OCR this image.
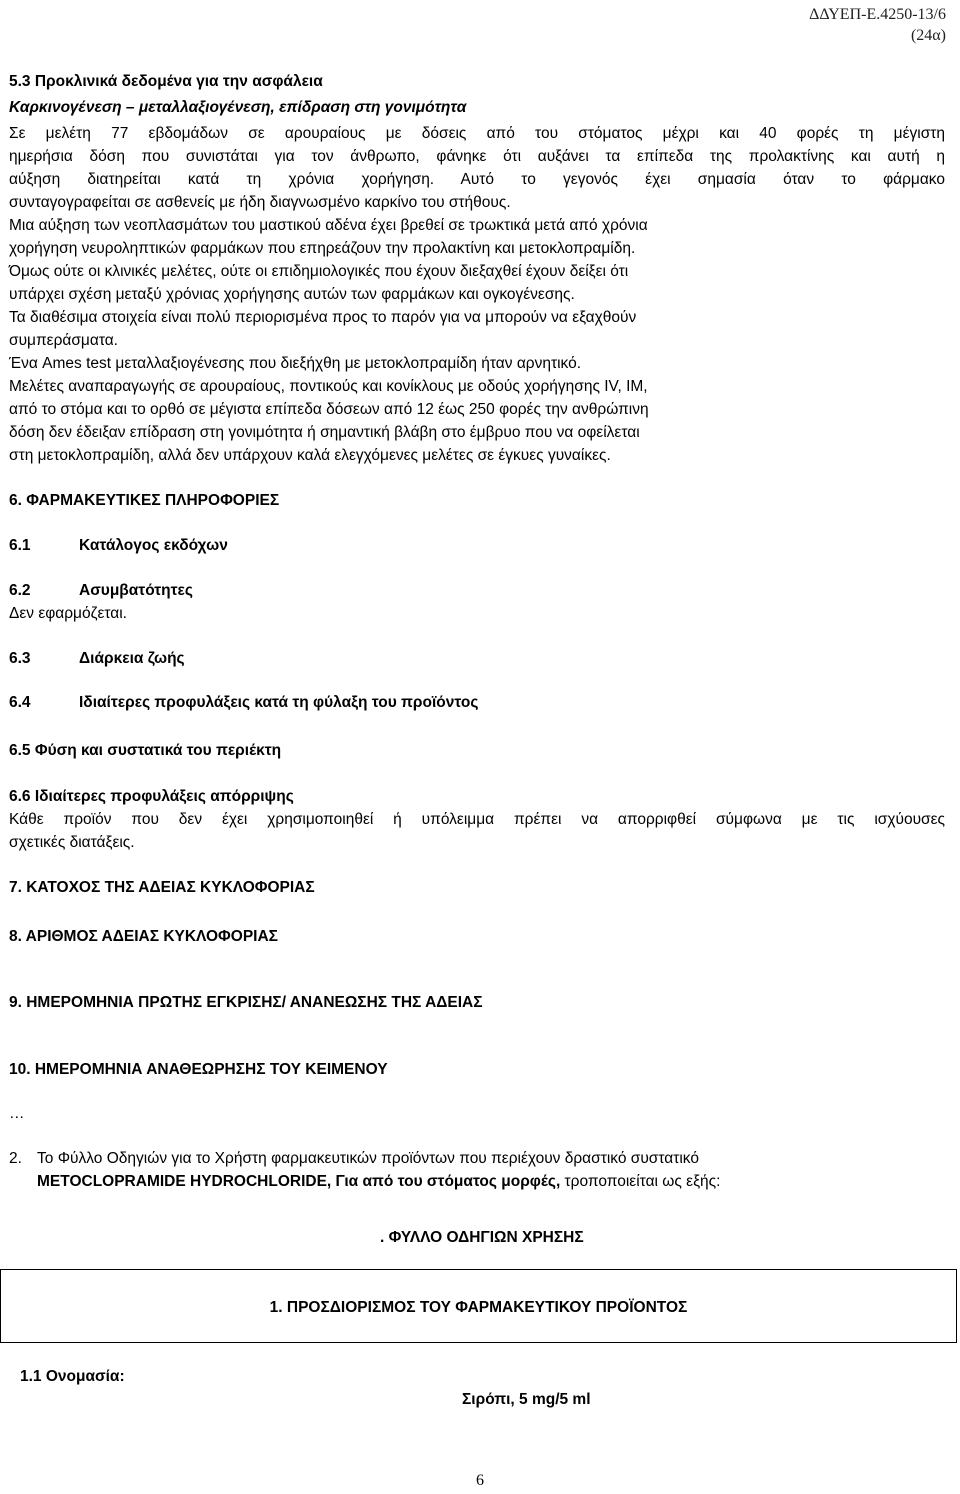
ΔΔΥΕΠ-Ε.4250-13/6
(24α)
5.3 Προκλινικά δεδομένα για την ασφάλεια
Καρκινογένεση – μεταλλαξιογένεση, επίδραση στη γονιμότητα
Σε μελέτη 77 εβδομάδων σε αρουραίους με δόσεις από του στόματος μέχρι και 40 φορές τη μέγιστη
ημερήσια δόση που συνιστάται για τον άνθρωπο, φάνηκε ότι αυξάνει τα επίπεδα της προλακτίνης και αυτή η
αύξηση διατηρείται κατά τη χρόνια χορήγηση. Αυτό το γεγονός έχει σημασία όταν το φάρμακο
συνταγογραφείται σε ασθενείς με ήδη διαγνωσμένο καρκίνο του στήθους.
Μια αύξηση των νεοπλασμάτων του μαστικού αδένα έχει βρεθεί σε τρωκτικά μετά από χρόνια
χορήγηση νευροληπτικών φαρμάκων που επηρεάζουν την προλακτίνη και μετοκλοπραμίδη.
Όμως ούτε οι κλινικές μελέτες, ούτε οι επιδημιολογικές που έχουν διεξαχθεί έχουν δείξει ότι
υπάρχει σχέση μεταξύ χρόνιας χορήγησης αυτών των φαρμάκων και ογκογένεσης.
Τα διαθέσιμα στοιχεία είναι πολύ περιορισμένα προς το παρόν για να μπορούν να εξαχθούν
συμπεράσματα.
Ένα Ames test μεταλλαξιογένεσης που διεξήχθη με μετοκλοπραμίδη ήταν αρνητικό.
Μελέτες αναπαραγωγής σε αρουραίους, ποντικούς και κονίκλους με οδούς χορήγησης IV, IM,
από το στόμα και το ορθό σε μέγιστα επίπεδα δόσεων από 12 έως 250 φορές την ανθρώπινη
δόση δεν έδειξαν επίδραση στη γονιμότητα ή σημαντική βλάβη στο έμβρυο που να οφείλεται
στη μετοκλοπραμίδη, αλλά δεν υπάρχουν καλά ελεγχόμενες μελέτες σε έγκυες γυναίκες.
6. ΦΑΡΜΑΚΕΥΤΙΚΕΣ ΠΛΗΡΟΦΟΡΙΕΣ
6.1	Κατάλογος εκδόχων
6.2	Ασυμβατότητες
Δεν εφαρμόζεται.
6.3	Διάρκεια ζωής
6.4	Ιδιαίτερες προφυλάξεις κατά τη φύλαξη του προϊόντος
6.5 Φύση και συστατικά του περιέκτη
6.6 Ιδιαίτερες προφυλάξεις απόρριψης
Κάθε προϊόν που δεν έχει χρησιμοποιηθεί ή υπόλειμμα πρέπει να απορριφθεί σύμφωνα με τις ισχύουσες
σχετικές διατάξεις.
7. ΚΑΤΟΧΟΣ ΤΗΣ ΑΔΕΙΑΣ ΚΥΚΛΟΦΟΡΙΑΣ
8. ΑΡΙΘΜΟΣ ΑΔΕΙΑΣ ΚΥΚΛΟΦΟΡΙΑΣ
9. ΗΜΕΡΟΜΗΝΙΑ ΠΡΩΤΗΣ ΕΓΚΡΙΣΗΣ/ ΑΝΑΝΕΩΣΗΣ ΤΗΣ ΑΔΕΙΑΣ
10. ΗΜΕΡΟΜΗΝΙΑ ΑΝΑΘΕΩΡΗΣΗΣ ΤΟΥ ΚΕΙΜΕΝΟΥ
…
2. Το Φύλλο Οδηγιών για το Χρήστη φαρμακευτικών προϊόντων που περιέχουν δραστικό συστατικό
METOCLOPRAMIDE HYDROCHLORIDE, Για από του στόματος μορφές, τροποποιείται ως εξής:
. ΦΥΛΛΟ ΟΔΗΓΙΩΝ ΧΡΗΣΗΣ
1. ΠΡΟΣΔΙΟΡΙΣΜΟΣ ΤΟΥ ΦΑΡΜΑΚΕΥΤΙΚΟΥ ΠΡΟΪΟΝΤΟΣ
1.1 Ονομασία:
Σιρόπι, 5 mg/5 ml
6
